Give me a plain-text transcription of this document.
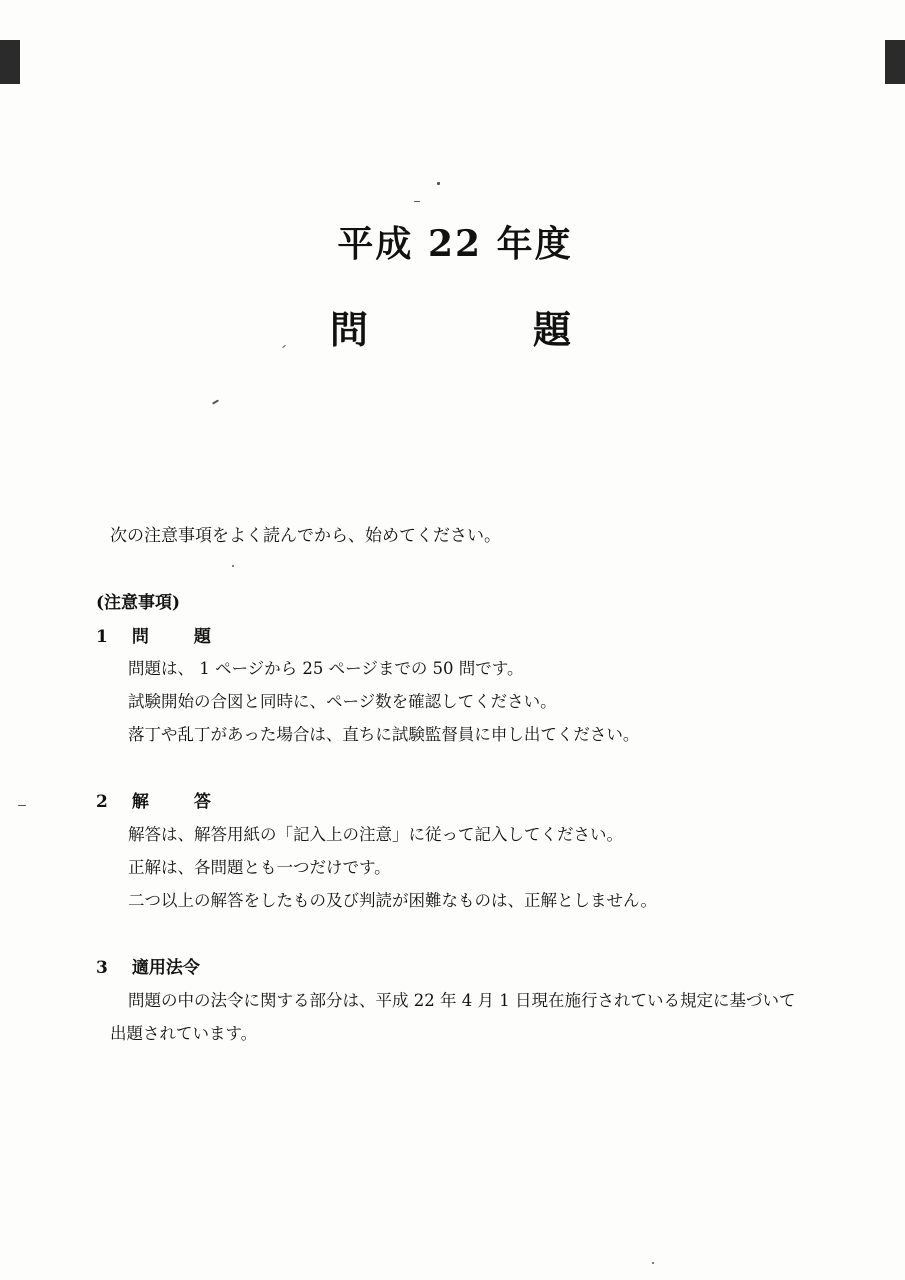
平成 22 年度
問	題
次の注意事項をよく読んでから、始めてください。
(注意事項)
1 問　題
問題は、 1 ページから 25 ページまでの 50 問です。
試験開始の合図と同時に、ページ数を確認してください。
落丁や乱丁があった場合は、直ちに試験監督員に申し出てください。
2 解　答
解答は、解答用紙の「記入上の注意」に従って記入してください。
正解は、各問題とも一つだけです。
二つ以上の解答をしたもの及び判読が困難なものは、正解としません。
3 適用法令
問題の中の法令に関する部分は、平成 22 年 4 月 1 日現在施行されている規定に基づいて
出題されています。
